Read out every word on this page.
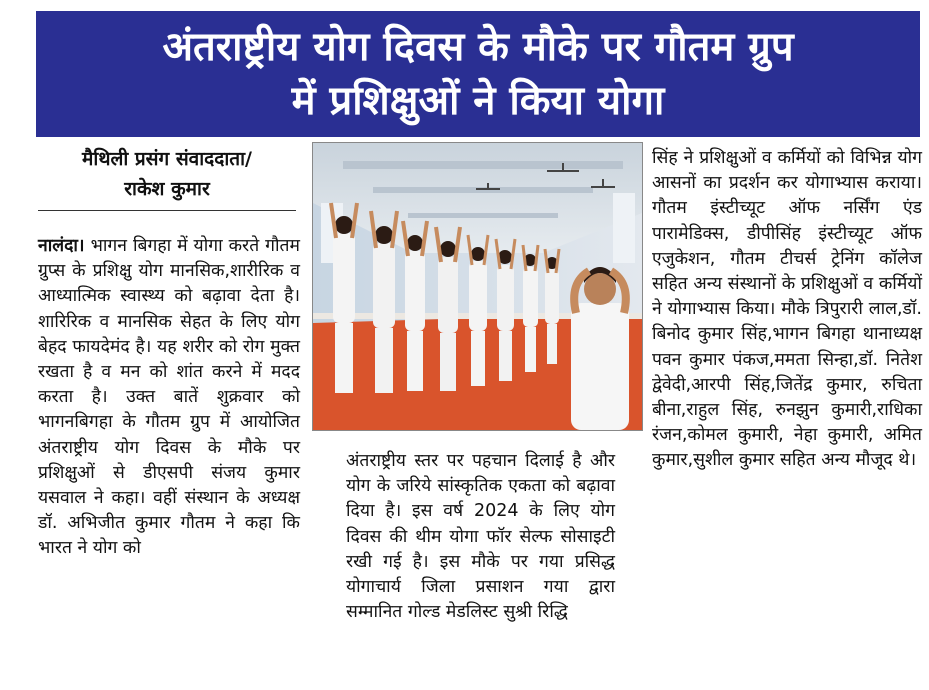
अंतराष्ट्रीय योग दिवस के मौके पर गौतम ग्रुप
में प्रशिक्षुओं ने किया योगा
मैथिली प्रसंग संवाददाता/
राकेश कुमार

नालंदा। भागन बिगहा में योगा करते गौतम ग्रुप्स के प्रशिक्षु योग मानसिक,शारीरिक व आध्यात्मिक स्वास्थ्य को बढ़ावा देता है।शारिरिक व मानसिक सेहत के लिए योग बेहद फायदेमंद है। यह शरीर को रोग मुक्त रखता है व मन को शांत करने में मदद करता है। उक्त बातें शुक्रवार को भागनबिगहा के गौतम ग्रुप में आयोजित अंतराष्ट्रीय योग दिवस के मौके पर प्रशिक्षुओं से डीएसपी संजय कुमार यसवाल ने कहा। वहीं संस्थान के अध्यक्ष डॉ. अभिजीत कुमार गौतम ने कहा कि भारत ने योग को

अंतराष्ट्रीय स्तर पर पहचान दिलाई है और योग के जरिये सांस्कृतिक एकता को बढ़ावा दिया है। इस वर्ष 2024 के लिए योग दिवस की थीम योगा फॉर सेल्फ सोसाइटी रखी गई है। इस मौके पर गया प्रसिद्ध योगाचार्य जिला प्रसाशन गया द्वारा सम्मानित गोल्ड मेडलिस्ट सुश्री रिद्धि

सिंह ने प्रशिक्षुओं व कर्मियों को विभिन्न योग आसनों का प्रदर्शन कर योगाभ्यास कराया। गौतम इंस्टीच्यूट ऑफ नर्सिंग एंड पारामेडिक्स, डीपीसिंह इंस्टीच्यूट ऑफ एजुकेशन, गौतम टीचर्स ट्रेनिंग कॉलेज सहित अन्य संस्थानों के प्रशिक्षुओं व कर्मियों ने योगाभ्यास किया। मौके त्रिपुरारी लाल,डॉ. बिनोद कुमार सिंह,भागन बिगहा थानाध्यक्ष पवन कुमार पंकज,ममता सिन्हा,डॉ. नितेश द्वेवेदी,आरपी सिंह,जितेंद्र कुमार, रुचिता बीना,राहुल सिंह, रुनझुन कुमारी,राधिका रंजन,कोमल कुमारी, नेहा कुमारी, अमित कुमार,सुशील कुमार सहित अन्य मौजूद थे।
